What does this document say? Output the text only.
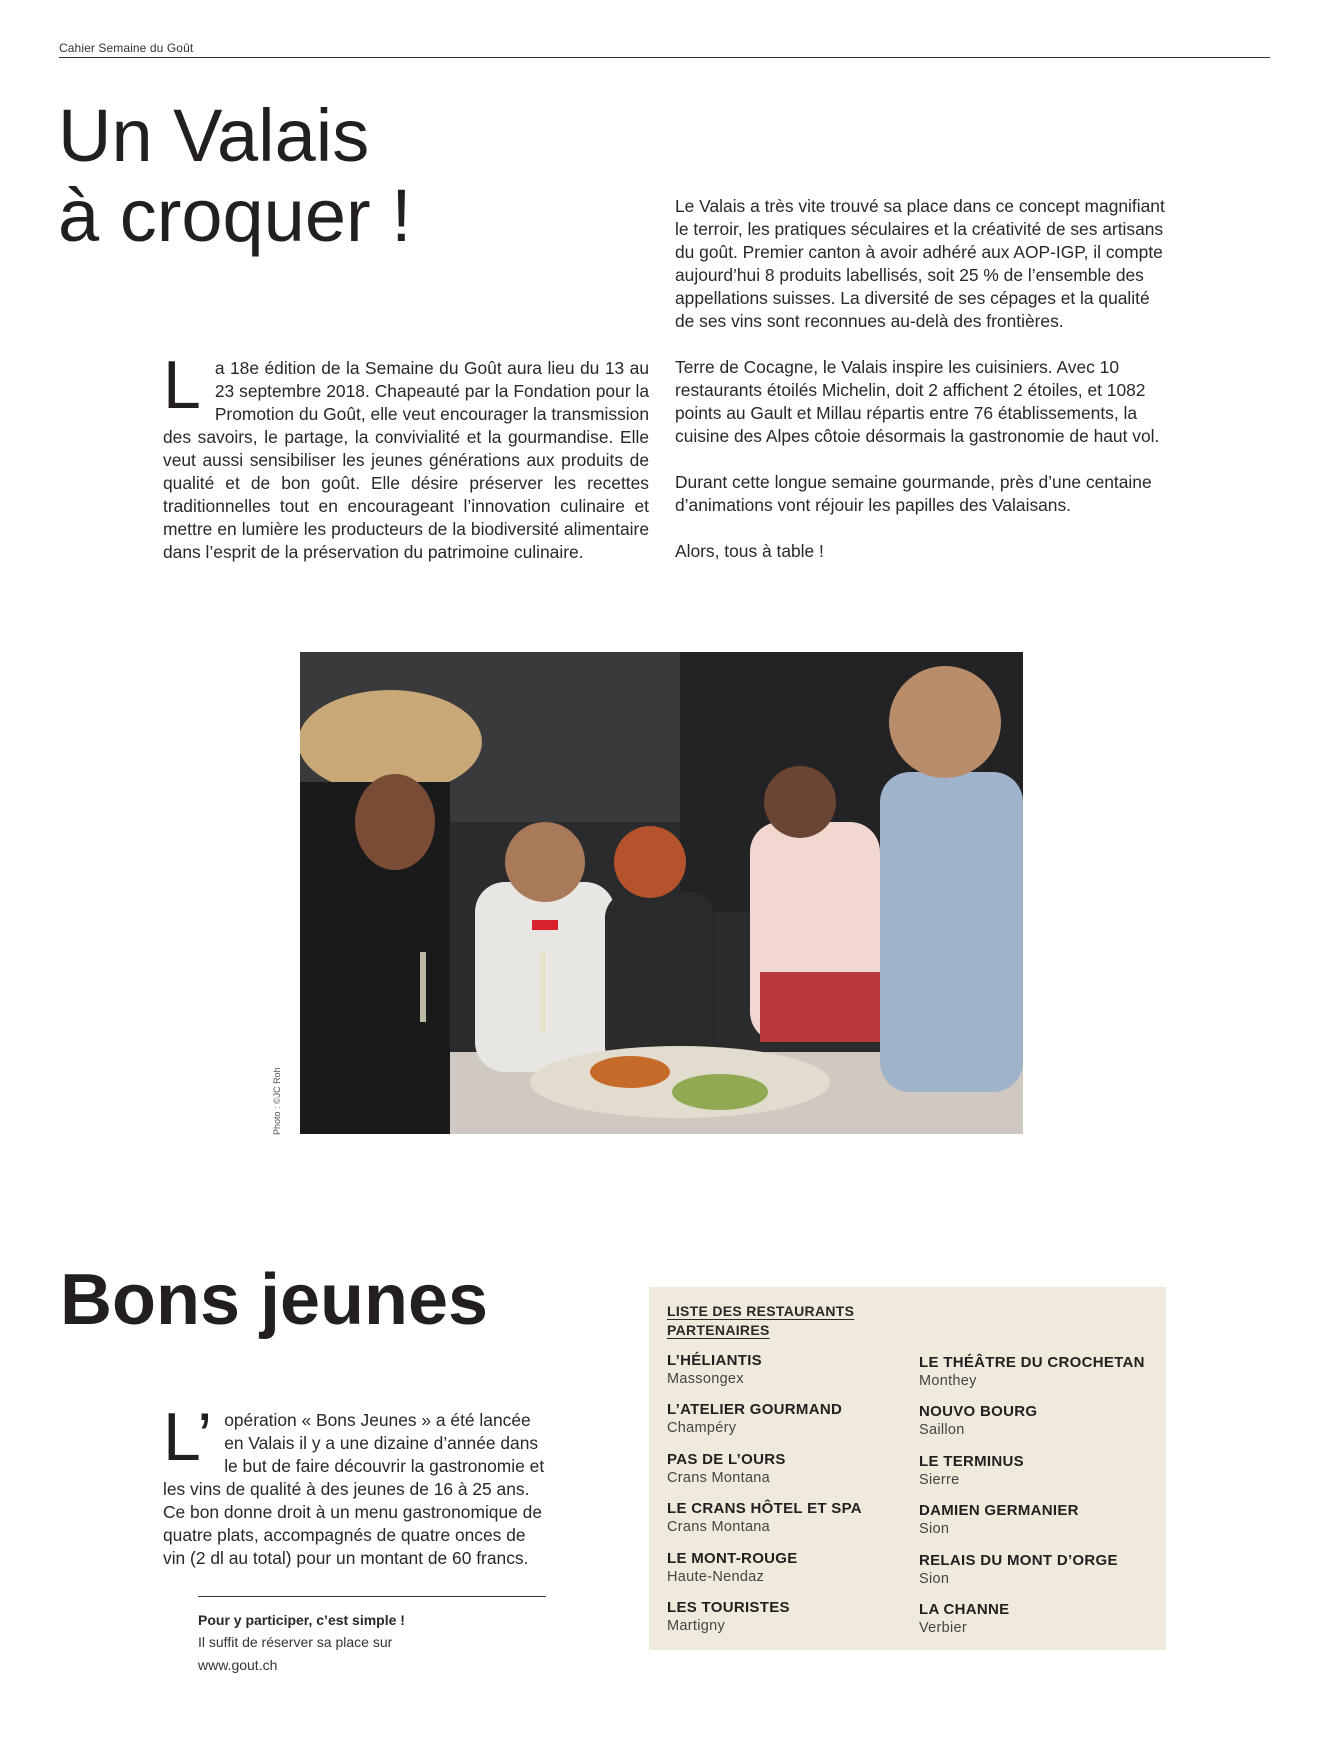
Cahier Semaine du Goût
Un Valais
à croquer !
L a 18e édition de la Semaine du Goût aura lieu du 13 au 23 septembre 2018. Chapeauté par la Fondation pour la Promotion du Goût, elle veut encourager la transmission des savoirs, le partage, la convivialité et la gourmandise. Elle veut aussi sensibiliser les jeunes générations aux produits de qualité et de bon goût. Elle désire préserver les recettes traditionnelles tout en encourageant l’innovation culinaire et mettre en lumière les producteurs de la biodiversité alimentaire dans l’esprit de la préservation du patrimoine culinaire.

Le Valais a très vite trouvé sa place dans ce concept magnifiant le terroir, les pratiques séculaires et la créativité de ses artisans du goût. Premier canton à avoir adhéré aux AOP-IGP, il compte aujourd’hui 8 produits labellisés, soit 25 % de l’ensemble des appellations suisses. La diversité de ses cépages et la qualité de ses vins sont reconnues au-delà des frontières.

Terre de Cocagne, le Valais inspire les cuisiniers. Avec 10 restaurants étoilés Michelin, doit 2 affichent 2 étoiles, et 1082 points au Gault et Millau répartis entre 76 établissements, la cuisine des Alpes côtoie désormais la gastronomie de haut vol.

Durant cette longue semaine gourmande, près d’une centaine d’animations vont réjouir les papilles des Valaisans.

Alors, tous à table !

Photo : ©JC Roh
Bons jeunes
L’ opération « Bons Jeunes » a été lancée en Valais il y a une dizaine d’année dans le but de faire découvrir la gastronomie et les vins de qualité à des jeunes de 16 à 25 ans. Ce bon donne droit à un menu gastronomique de quatre plats, accompagnés de quatre onces de vin (2 dl au total) pour un montant de 60 francs.
Pour y participer, c’est simple !
Il suffit de réserver sa place sur
www.gout.ch
LISTE DES RESTAURANTS
PARTENAIRES
L’HÉLIANTIS
Massongex
L’ATELIER GOURMAND
Champéry
PAS DE L’OURS
Crans Montana
LE CRANS HÔTEL ET SPA
Crans Montana
LE MONT-ROUGE
Haute-Nendaz
LES TOURISTES
Martigny
LE THÉÂTRE DU CROCHETAN
Monthey
NOUVO BOURG
Saillon
LE TERMINUS
Sierre
DAMIEN GERMANIER
Sion
RELAIS DU MONT D’ORGE
Sion
LA CHANNE
Verbier
